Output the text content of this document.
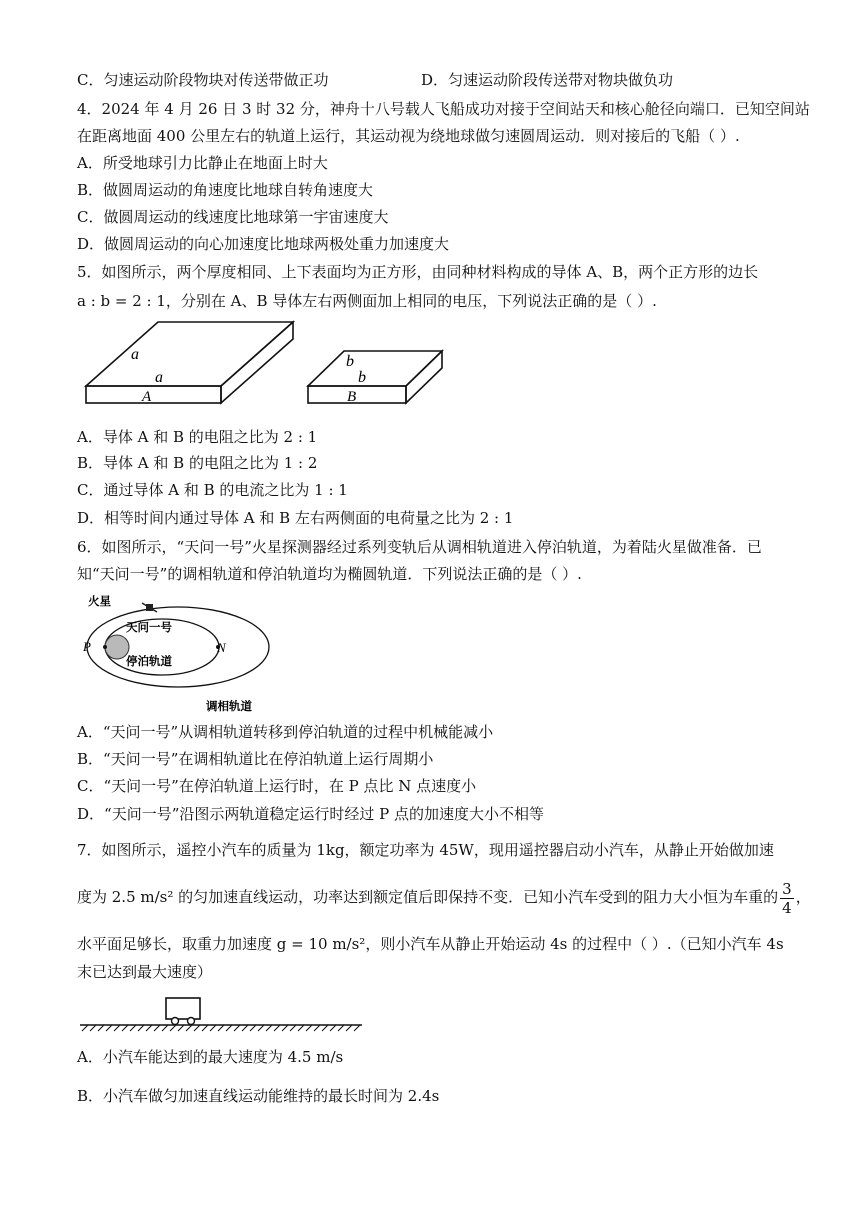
C．匀速运动阶段物块对传送带做正功	D．匀速运动阶段传送带对物块做负功
4．2024 年 4 月 26 日 3 时 32 分，神舟十八号载人飞船成功对接于空间站天和核心舱径向端口．已知空间站
在距离地面 400 公里左右的轨道上运行，其运动视为绕地球做匀速圆周运动．则对接后的飞船（ ）.
A．所受地球引力比静止在地面上时大
B．做圆周运动的角速度比地球自转角速度大
C．做圆周运动的线速度比地球第一宇宙速度大
D．做圆周运动的向心加速度比地球两极处重力加速度大
5．如图所示，两个厚度相同、上下表面均为正方形，由同种材料构成的导体 A、B，两个正方形的边长
a : b = 2 : 1，分别在 A、B 导体左右两侧面加上相同的电压，下列说法正确的是（ ）.
a
a
A
b
b
B
A．导体 A 和 B 的电阻之比为 2 : 1
B．导体 A 和 B 的电阻之比为 1 : 2
C．通过导体 A 和 B 的电流之比为 1 : 1
D．相等时间内通过导体 A 和 B 左右两侧面的电荷量之比为 2 : 1
6．如图所示，“天问一号”火星探测器经过系列变轨后从调相轨道进入停泊轨道，为着陆火星做准备．已
知“天问一号”的调相轨道和停泊轨道均为椭圆轨道．下列说法正确的是（ ）.
火星
天问一号
P	N
停泊轨道
调相轨道
A．“天问一号”从调相轨道转移到停泊轨道的过程中机械能减小
B．“天问一号”在调相轨道比在停泊轨道上运行周期小
C．“天问一号”在停泊轨道上运行时，在 P 点比 N 点速度小
D．“天问一号”沿图示两轨道稳定运行时经过 P 点的加速度大小不相等
7．如图所示，遥控小汽车的质量为 1kg，额定功率为 45W，现用遥控器启动小汽车，从静止开始做加速
度为 2.5 m/s² 的匀加速直线运动，功率达到额定值后即保持不变．已知小汽车受到的阻力大小恒为车重的 $\frac{3}{4}$ ，
水平面足够长，取重力加速度 g = 10 m/s²，则小汽车从静止开始运动 4s 的过程中（ ）.（已知小汽车 4s
末已达到最大速度）
A．小汽车能达到的最大速度为 4.5 m/s
B．小汽车做匀加速直线运动能维持的最长时间为 2.4s
